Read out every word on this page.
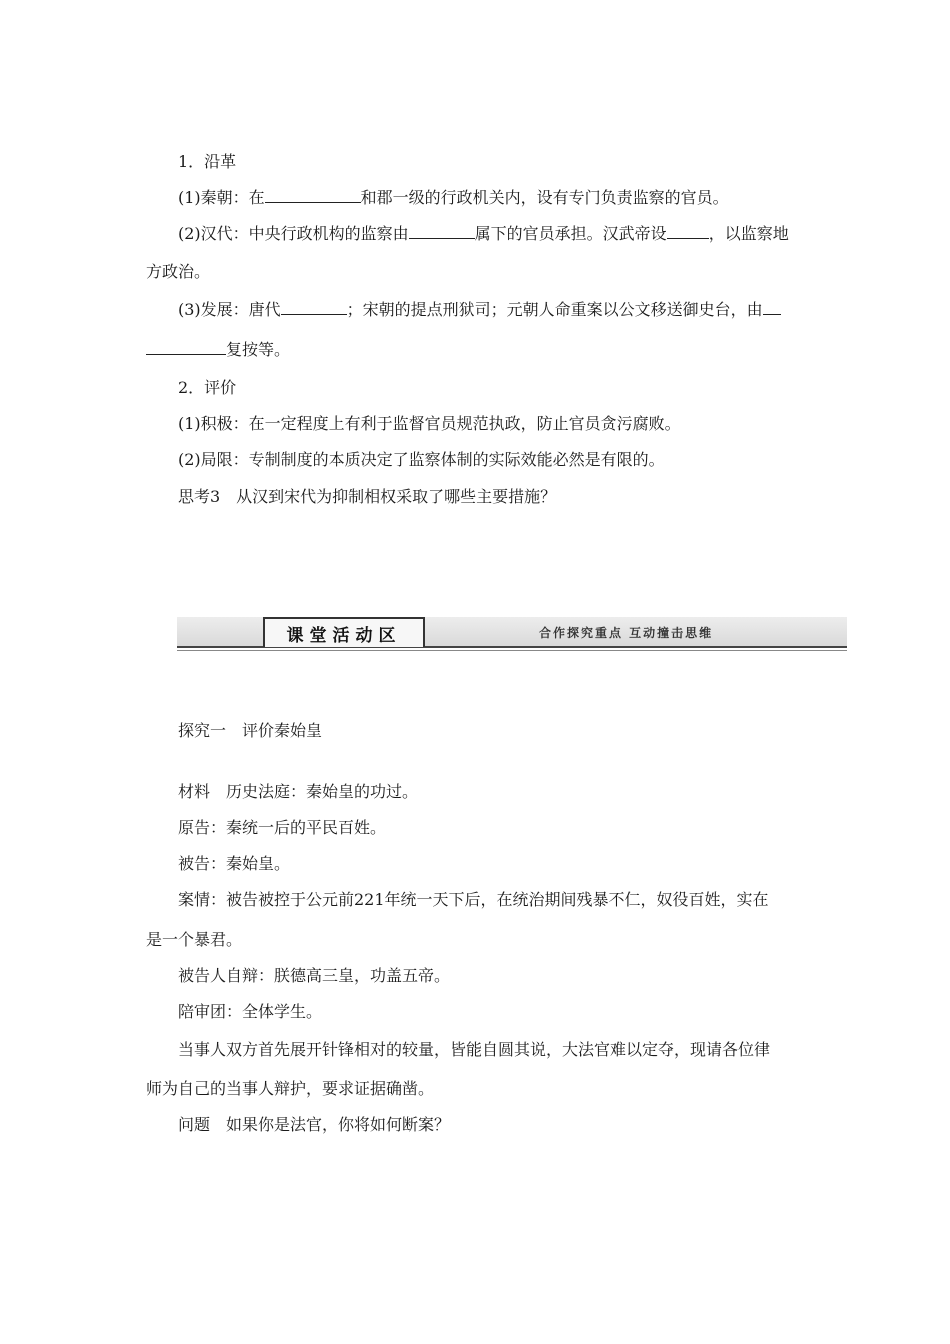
1．沿革

(1)秦朝：在	和郡一级的行政机关内，设有专门负责监察的官员。

(2)汉代：中央行政机构的监察由	属下的官员承担。汉武帝设	，以监察地

方政治。

(3)发展：唐代	；宋朝的提点刑狱司；元朝人命重案以公文移送御史台，由

复按等。

2．评价

(1)积极：在一定程度上有利于监督官员规范执政，防止官员贪污腐败。

(2)局限：专制制度的本质决定了监察体制的实际效能必然是有限的。

思考3　从汉到宋代为抑制相权采取了哪些主要措施？

课堂活动区	合作探究重点 互动撞击思维

探究一　评价秦始皇

材料　历史法庭：秦始皇的功过。

原告：秦统一后的平民百姓。

被告：秦始皇。

案情：被告被控于公元前221年统一天下后，在统治期间残暴不仁，奴役百姓，实在

是一个暴君。

被告人自辩：朕德高三皇，功盖五帝。

陪审团：全体学生。

当事人双方首先展开针锋相对的较量，皆能自圆其说，大法官难以定夺，现请各位律

师为自己的当事人辩护，要求证据确凿。

问题　如果你是法官，你将如何断案？
